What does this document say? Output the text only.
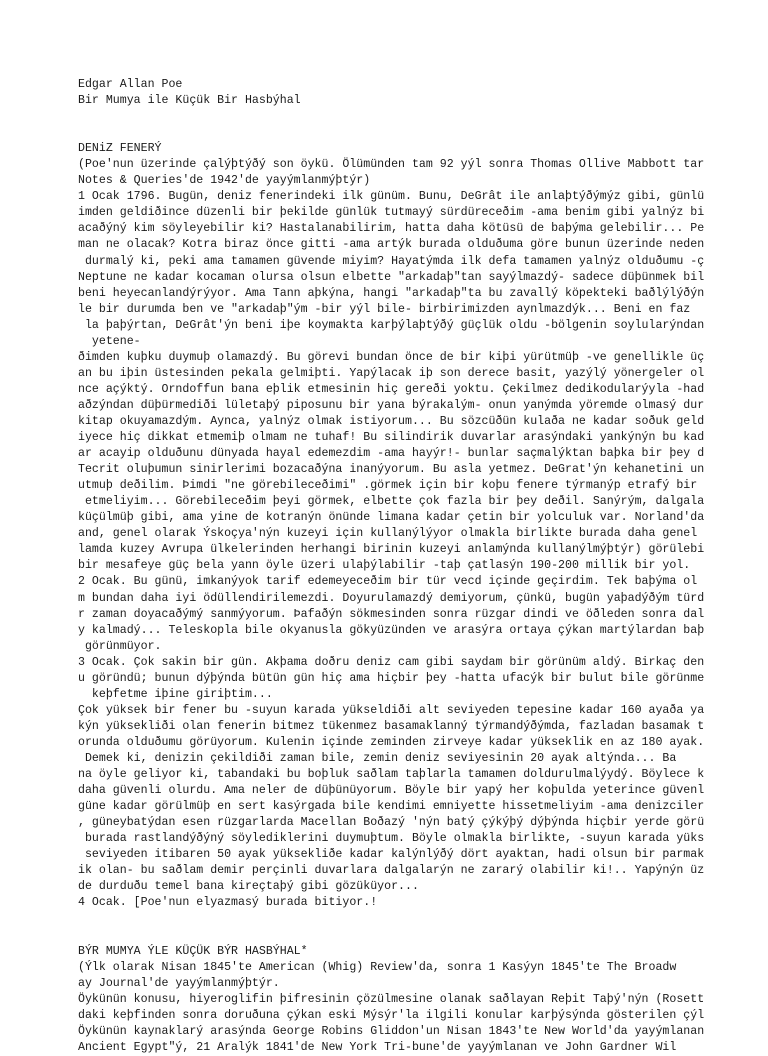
Edgar Allan Poe
Bir Mumya ile Küçük Bir Hasbýhal
DENiZ FENERÝ
(Poe'nun üzerinde çalýþtýðý son öykü. Ölümünden tam 92 yýl sonra Thomas Ollive Mabbott tar
Notes & Queries'de 1942'de yayýmlanmýþtýr)
1 Ocak 1796. Bugün, deniz fenerindeki ilk günüm. Bunu, DeGrât ile anlaþtýðýmýz gibi, günlü
imden geldiðince düzenli bir þekilde günlük tutmayý sürdüreceðim -ama benim gibi yalnýz bi
acaðýný kim söyleyebilir ki? Hastalanabilirim, hatta daha kötüsü de baþýma gelebilir... Pe
man ne olacak? Kotra biraz önce gitti -ama artýk burada olduðuma göre bunun üzerinde neden
durmalý ki, peki ama tamamen güvende miyim? Hayatýmda ilk defa tamamen yalnýz olduðumu -ç
Neptune ne kadar kocaman olursa olsun elbette "arkadaþ"tan sayýlmazdý- sadece düþünmek bil
beni heyecanlandýrýyor. Ama Tann aþkýna, hangi "arkadaþ"ta bu zavallý köpekteki baðlýlýðýn
le bir durumda ben ve "arkadaþ"ým -bir yýl bile- birbirimizden aynlmazdýk... Beni en faz
la þaþýrtan, DeGrât'ýn beni iþe koymakta karþýlaþtýðý güçlük oldu -bölgenin soylularýndan
yetene-
ðimden kuþku duymuþ olamazdý. Bu görevi bundan önce de bir kiþi yürütmüþ -ve genellikle üç
an bu iþin üstesinden pekala gelmiþti. Yapýlacak iþ son derece basit, yazýlý yönergeler ol
nce açýktý. Orndoffun bana eþlik etmesinin hiç gereði yoktu. Çekilmez dedikodularýyla -had
aðzýndan düþürmediði lületaþý piposunu bir yana býrakalým- onun yanýmda yöremde olmasý dur
kitap okuyamazdým. Aynca, yalnýz olmak istiyorum... Bu sözcüðün kulaða ne kadar soðuk geld
iyece hiç dikkat etmemiþ olmam ne tuhaf! Bu silindirik duvarlar arasýndaki yankýnýn bu kad
ar acayip olduðunu dünyada hayal edemezdim -ama hayýr!- bunlar saçmalýktan baþka bir þey d
Tecrit oluþumun sinirlerimi bozacaðýna inanýyorum. Bu asla yetmez. DeGrat'ýn kehanetini un
utmuþ deðilim. Þimdi "ne görebileceðimi" .görmek için bir koþu fenere týrmanýp etrafý bir
etmeliyim... Görebileceðim þeyi görmek, elbette çok fazla bir þey deðil. Sanýrým, dalgala
küçülmüþ gibi, ama yine de kotranýn önünde limana kadar çetin bir yolculuk var. Norland'da
and, genel olarak Ýskoçya'nýn kuzeyi için kullanýlýyor olmakla birlikte burada daha genel
lamda kuzey Avrupa ülkelerinden herhangi birinin kuzeyi anlamýnda kullanýlmýþtýr) görülebi
bir mesafeye güç bela yann öyle üzeri ulaþýlabilir -taþ çatlasýn 190-200 millik bir yol.
2 Ocak. Bu günü, imkanýyok tarif edemeyeceðim bir tür vecd içinde geçirdim. Tek baþýma ol
m bundan daha iyi ödüllendirilemezdi. Doyurulamazdý demiyorum, çünkü, bugün yaþadýðým türd
r zaman doyacaðýmý sanmýyorum. Þafaðýn sökmesinden sonra rüzgar dindi ve öðleden sonra dal
y kalmadý... Teleskopla bile okyanusla gökyüzünden ve arasýra ortaya çýkan martýlardan baþ
görünmüyor.
3 Ocak. Çok sakin bir gün. Akþama doðru deniz cam gibi saydam bir görünüm aldý. Birkaç den
u göründü; bunun dýþýnda bütün gün hiç ama hiçbir þey -hatta ufacýk bir bulut bile görünme
keþfetme iþine giriþtim...
Çok yüksek bir fener bu -suyun karada yükseldiði alt seviyeden tepesine kadar 160 ayaða ya
kýn yüksekliði olan fenerin bitmez tükenmez basamaklanný týrmandýðýmda, fazladan basamak t
orunda olduðumu görüyorum. Kulenin içinde zeminden zirveye kadar yükseklik en az 180 ayak.
Demek ki, denizin çekildiði zaman bile, zemin deniz seviyesinin 20 ayak altýnda... Ba
na öyle geliyor ki, tabandaki bu boþluk saðlam taþlarla tamamen doldurulmalýydý. Böylece k
daha güvenli olurdu. Ama neler de düþünüyorum. Böyle bir yapý her koþulda yeterince güvenl
güne kadar görülmüþ en sert kasýrgada bile kendimi emniyette hissetmeliyim -ama denizciler
, güneybatýdan esen rüzgarlarda Macellan Boðazý 'nýn batý çýkýþý dýþýnda hiçbir yerde görü
burada rastlandýðýný söylediklerini duymuþtum. Böyle olmakla birlikte, -suyun karada yüks
seviyeden itibaren 50 ayak yüksekliðe kadar kalýnlýðý dört ayaktan, hadi olsun bir parmak
ik olan- bu saðlam demir perçinli duvarlara dalgalarýn ne zararý olabilir ki!.. Yapýnýn üz
de durduðu temel bana kireçtaþý gibi gözüküyor...
4 Ocak. [Poe'nun elyazmasý burada bitiyor.!
BÝR MUMYA ÝLE KÜÇÜK BÝR HASBÝHAL*
(Ýlk olarak Nisan 1845'te American (Whig) Review'da, sonra 1 Kasýyn 1845'te The Broadw
ay Journal'de yayýmlanmýþtýr.
Öykünün konusu, hiyeroglifin þifresinin çözülmesine olanak saðlayan Reþit Taþý'nýn (Rosett
daki keþfinden sonra doruðuna çýkan eski Mýsýr'la ilgili konular karþýsýnda gösterilen çýl
Öykünün kaynaklarý arasýnda George Robins Gliddon'un Nisan 1843'te New World'da yayýmlanan
Ancient Egypt"ý, 21 Aralýk 1841'de New York Tri-bune'de yayýmlanan ve John Gardner Wil
